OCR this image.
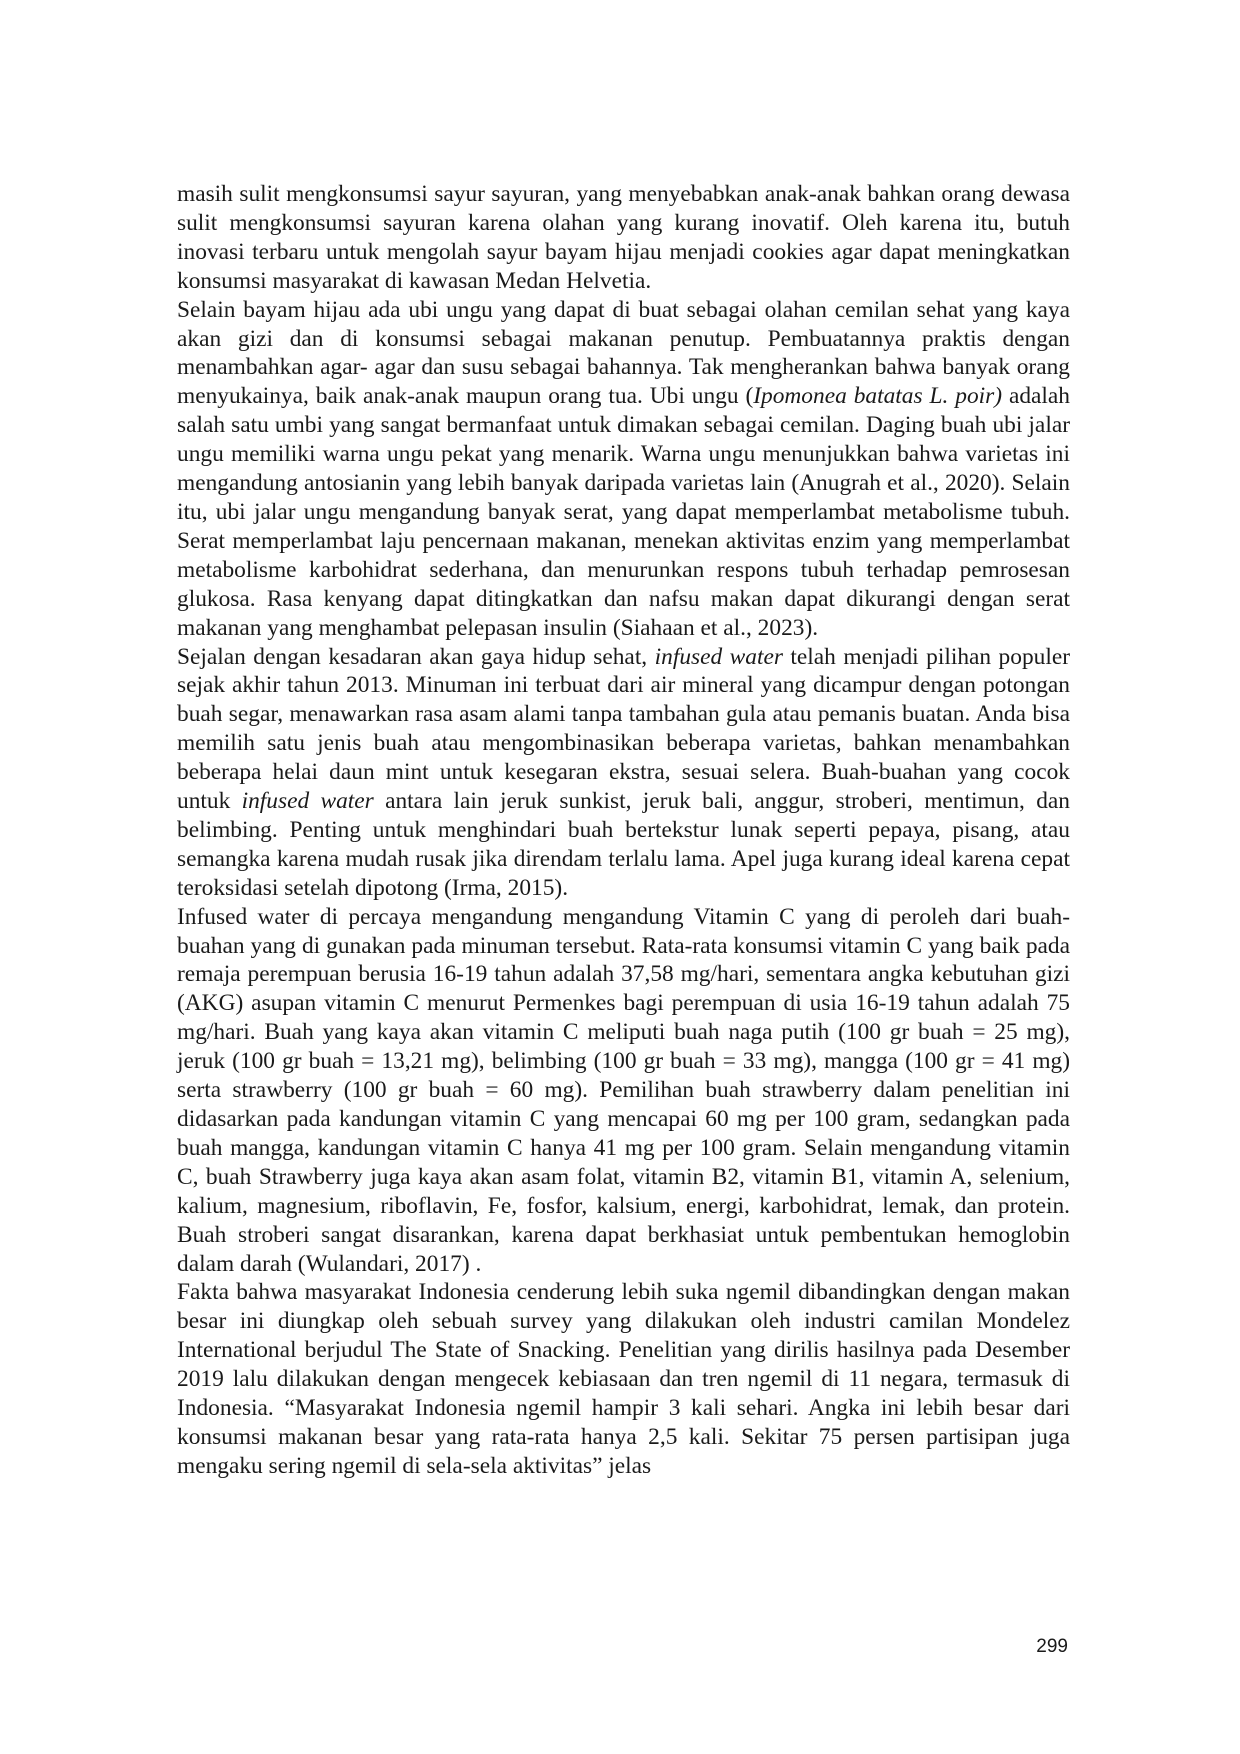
masih sulit mengkonsumsi sayur sayuran, yang menyebabkan anak-anak bahkan orang dewasa sulit mengkonsumsi sayuran karena olahan yang kurang inovatif. Oleh karena itu, butuh inovasi terbaru untuk mengolah sayur bayam hijau menjadi cookies agar dapat meningkatkan konsumsi masyarakat di kawasan Medan Helvetia.

Selain bayam hijau ada ubi ungu yang dapat di buat sebagai olahan cemilan sehat yang kaya akan gizi dan di konsumsi sebagai makanan penutup. Pembuatannya praktis dengan menambahkan agar- agar dan susu sebagai bahannya. Tak mengherankan bahwa banyak orang menyukainya, baik anak-anak maupun orang tua. Ubi ungu (Ipomonea batatas L. poir) adalah salah satu umbi yang sangat bermanfaat untuk dimakan sebagai cemilan. Daging buah ubi jalar ungu memiliki warna ungu pekat yang menarik. Warna ungu menunjukkan bahwa varietas ini mengandung antosianin yang lebih banyak daripada varietas lain (Anugrah et al., 2020). Selain itu, ubi jalar ungu mengandung banyak serat, yang dapat memperlambat metabolisme tubuh. Serat memperlambat laju pencernaan makanan, menekan aktivitas enzim yang memperlambat metabolisme karbohidrat sederhana, dan menurunkan respons tubuh terhadap pemrosesan glukosa. Rasa kenyang dapat ditingkatkan dan nafsu makan dapat dikurangi dengan serat makanan yang menghambat pelepasan insulin (Siahaan et al., 2023).

Sejalan dengan kesadaran akan gaya hidup sehat, infused water telah menjadi pilihan populer sejak akhir tahun 2013. Minuman ini terbuat dari air mineral yang dicampur dengan potongan buah segar, menawarkan rasa asam alami tanpa tambahan gula atau pemanis buatan. Anda bisa memilih satu jenis buah atau mengombinasikan beberapa varietas, bahkan menambahkan beberapa helai daun mint untuk kesegaran ekstra, sesuai selera. Buah-buahan yang cocok untuk infused water antara lain jeruk sunkist, jeruk bali, anggur, stroberi, mentimun, dan belimbing. Penting untuk menghindari buah bertekstur lunak seperti pepaya, pisang, atau semangka karena mudah rusak jika direndam terlalu lama. Apel juga kurang ideal karena cepat teroksidasi setelah dipotong (Irma, 2015).

Infused water di percaya mengandung mengandung Vitamin C yang di peroleh dari buah-buahan yang di gunakan pada minuman tersebut. Rata-rata konsumsi vitamin C yang baik pada remaja perempuan berusia 16-19 tahun adalah 37,58 mg/hari, sementara angka kebutuhan gizi (AKG) asupan vitamin C menurut Permenkes bagi perempuan di usia 16-19 tahun adalah 75 mg/hari. Buah yang kaya akan vitamin C meliputi buah naga putih (100 gr buah = 25 mg), jeruk (100 gr buah = 13,21 mg), belimbing (100 gr buah = 33 mg), mangga (100 gr = 41 mg) serta strawberry (100 gr buah = 60 mg). Pemilihan buah strawberry dalam penelitian ini didasarkan pada kandungan vitamin C yang mencapai 60 mg per 100 gram, sedangkan pada buah mangga, kandungan vitamin C hanya 41 mg per 100 gram. Selain mengandung vitamin C, buah Strawberry juga kaya akan asam folat, vitamin B2, vitamin B1, vitamin A, selenium, kalium, magnesium, riboflavin, Fe, fosfor, kalsium, energi, karbohidrat, lemak, dan protein. Buah stroberi sangat disarankan, karena dapat berkhasiat untuk pembentukan hemoglobin dalam darah (Wulandari, 2017) .

Fakta bahwa masyarakat Indonesia cenderung lebih suka ngemil dibandingkan dengan makan besar ini diungkap oleh sebuah survey yang dilakukan oleh industri camilan Mondelez International berjudul The State of Snacking. Penelitian yang dirilis hasilnya pada Desember 2019 lalu dilakukan dengan mengecek kebiasaan dan tren ngemil di 11 negara, termasuk di Indonesia. “Masyarakat Indonesia ngemil hampir 3 kali sehari. Angka ini lebih besar dari konsumsi makanan besar yang rata-rata hanya 2,5 kali. Sekitar 75 persen partisipan juga mengaku sering ngemil di sela-sela aktivitas” jelas

299
